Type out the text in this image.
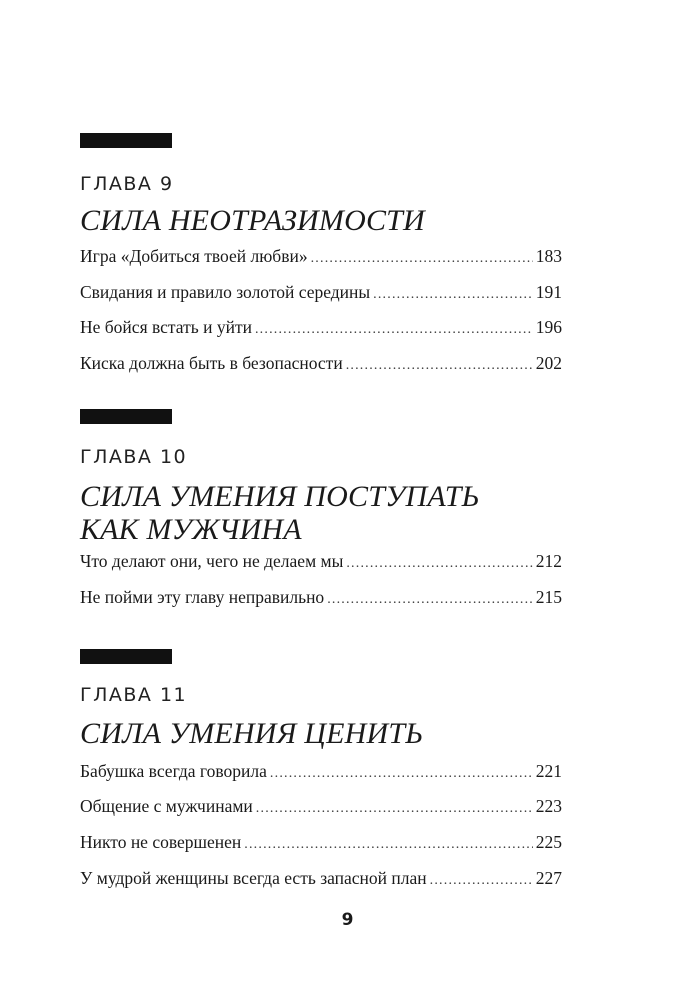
ГЛАВА 9
СИЛА НЕОТРАЗИМОСТИ
Игра «Добиться твоей любви» .....	183
Свидания и правило золотой середины .....	191
Не бойся встать и уйти .....	196
Киска должна быть в безопасности .....	202
ГЛАВА 10
СИЛА УМЕНИЯ ПОСТУПАТЬ
КАК МУЖЧИНА
Что делают они, чего не делаем мы .....	212
Не пойми эту главу неправильно .....	215
ГЛАВА 11
СИЛА УМЕНИЯ ЦЕНИТЬ
Бабушка всегда говорила .....	221
Общение с мужчинами .....	223
Никто не совершенен .....	225
У мудрой женщины всегда есть запасной план .....	227
9
